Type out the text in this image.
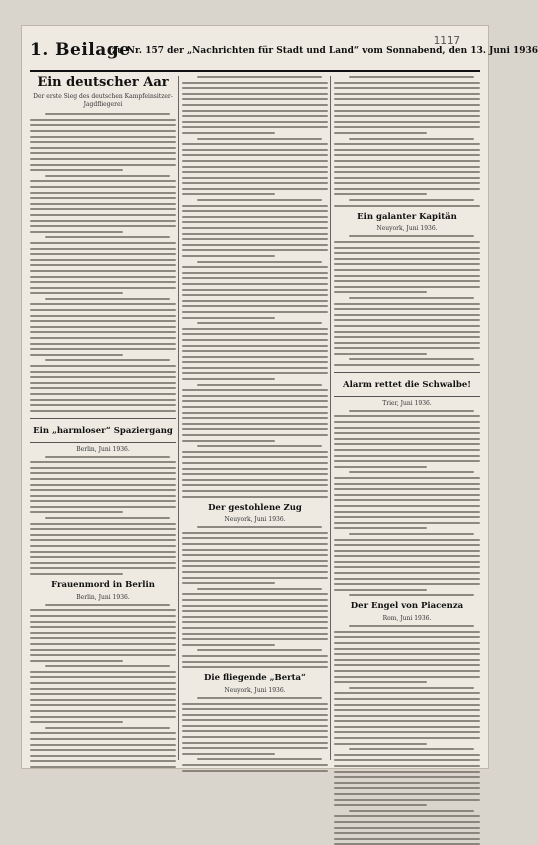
1117
1. Beilage
zu Nr. 157 der „Nachrichten für Stadt und Land“ vom Sonnabend, den 13. Juni 1936
Ein deutscher Aar
Der erste Sieg des deutschen Kampfeinsitzer-Jagdfliegerei
Ein „harmloser“ Spaziergang
Berlin, Juni 1936.
Frauenmord in Berlin
Berlin, Juni 1936.
Der gestohlene Zug
Neuyork, Juni 1936.
Die fliegende „Berta“
Neuyork, Juni 1936.
Ein galanter Kapitän
Neuyork, Juni 1936.
Alarm rettet die Schwalbe!
Trier, Juni 1936.
Der Engel von Piacenza
Rom, Juni 1936.
